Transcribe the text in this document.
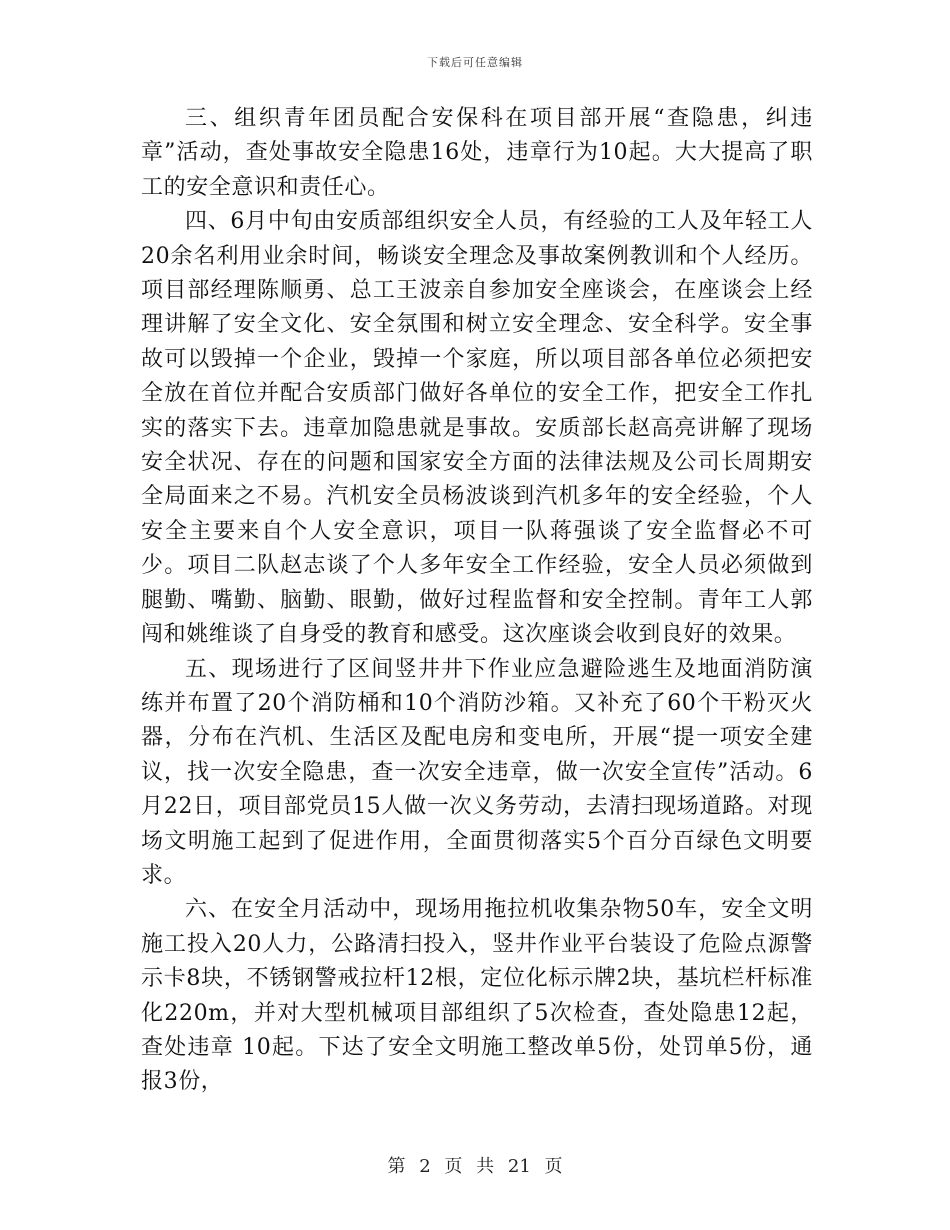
下载后可任意编辑

三、组织青年团员配合安保科在项目部开展“查隐患，纠违章”活动，查处事故安全隐患16处，违章行为10起。大大提高了职工的安全意识和责任心。

四、6月中旬由安质部组织安全人员，有经验的工人及年轻工人20余名利用业余时间，畅谈安全理念及事故案例教训和个人经历。项目部经理陈顺勇、总工王波亲自参加安全座谈会，在座谈会上经理讲解了安全文化、安全氛围和树立安全理念、安全科学。安全事故可以毁掉一个企业，毁掉一个家庭，所以项目部各单位必须把安全放在首位并配合安质部门做好各单位的安全工作，把安全工作扎实的落实下去。违章加隐患就是事故。安质部长赵高亮讲解了现场安全状况、存在的问题和国家安全方面的法律法规及公司长周期安全局面来之不易。汽机安全员杨波谈到汽机多年的安全经验，个人安全主要来自个人安全意识，项目一队蒋强谈了安全监督必不可少。项目二队赵志谈了个人多年安全工作经验，安全人员必须做到腿勤、嘴勤、脑勤、眼勤，做好过程监督和安全控制。青年工人郭闯和姚维谈了自身受的教育和感受。这次座谈会收到良好的效果。

五、现场进行了区间竖井井下作业应急避险逃生及地面消防演练并布置了20个消防桶和10个消防沙箱。又补充了60个干粉灭火器，分布在汽机、生活区及配电房和变电所，开展“提一项安全建议，找一次安全隐患，查一次安全违章，做一次安全宣传”活动。6月22日，项目部党员15人做一次义务劳动，去清扫现场道路。对现场文明施工起到了促进作用，全面贯彻落实5个百分百绿色文明要求。

六、在安全月活动中，现场用拖拉机收集杂物50车，安全文明施工投入20人力，公路清扫投入，竖井作业平台装设了危险点源警示卡8块，不锈钢警戒拉杆12根，定位化标示牌2块，基坑栏杆标准化220m，并对大型机械项目部组织了5次检查，查处隐患12起，查处违章 10起。下达了安全文明施工整改单5份，处罚单5份，通报3份，

第 2 页 共 21 页
